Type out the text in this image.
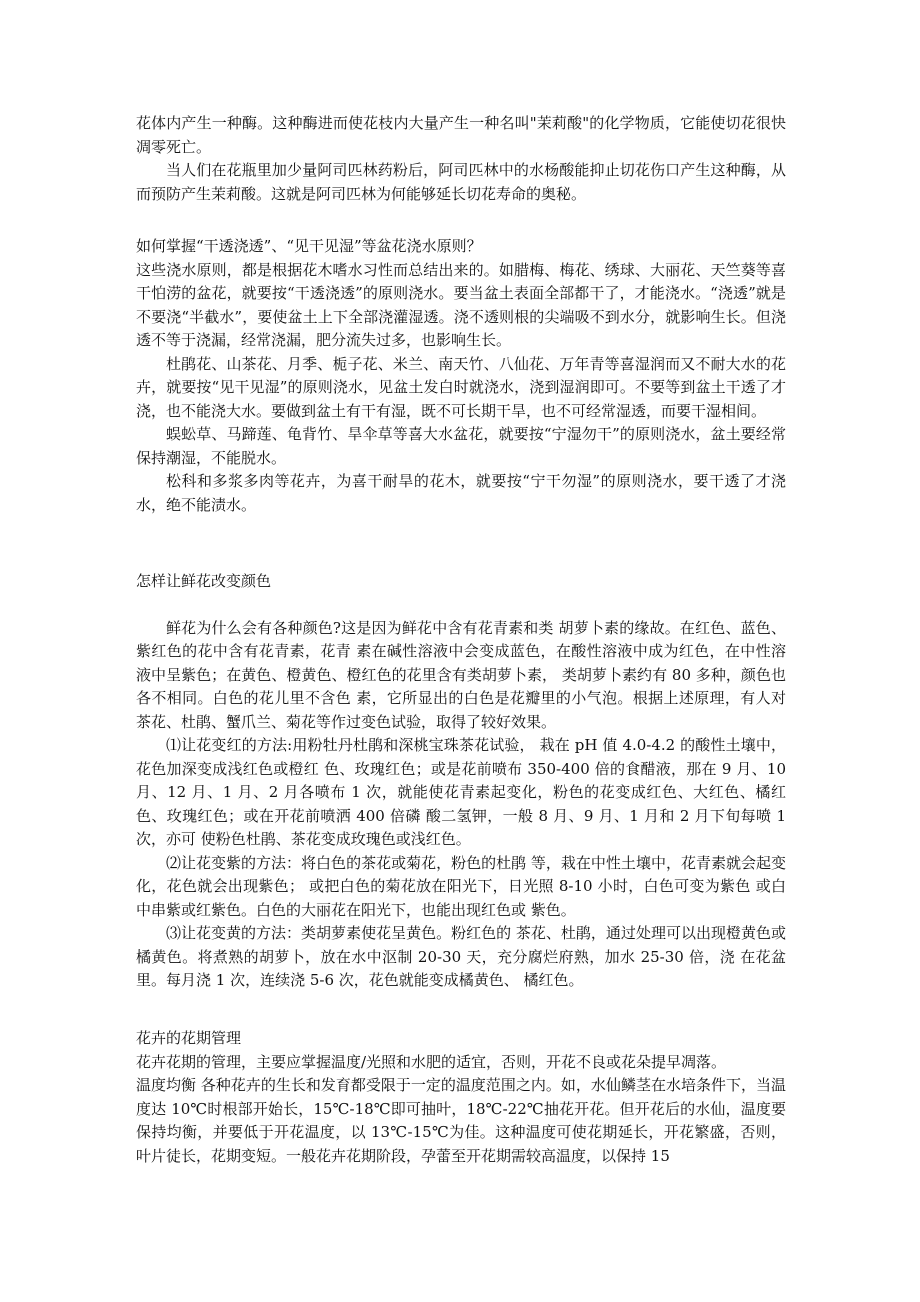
花体内产生一种酶。这种酶进而使花枝内大量产生一种名叫"茉莉酸"的化学物质，它能使切花很快凋零死亡。

当人们在花瓶里加少量阿司匹林药粉后，阿司匹林中的水杨酸能抑止切花伤口产生这种酶，从而预防产生茉莉酸。这就是阿司匹林为何能够延长切花寿命的奥秘。

如何掌握“干透浇透”、“见干见湿”等盆花浇水原则？

这些浇水原则，都是根据花木嗜水习性而总结出来的。如腊梅、梅花、绣球、大丽花、天竺葵等喜干怕涝的盆花，就要按“干透浇透”的原则浇水。要当盆土表面全部都干了，才能浇水。“浇透”就是不要浇“半截水”，要使盆土上下全部浇灌湿透。浇不透则根的尖端吸不到水分，就影响生长。但浇透不等于浇漏，经常浇漏，肥分流失过多，也影响生长。

杜鹃花、山茶花、月季、栀子花、米兰、南天竹、八仙花、万年青等喜湿润而又不耐大水的花卉，就要按“见干见湿”的原则浇水，见盆土发白时就浇水，浇到湿润即可。不要等到盆土干透了才浇，也不能浇大水。要做到盆土有干有湿，既不可长期干旱，也不可经常湿透，而要干湿相间。

蜈蚣草、马蹄莲、龟背竹、旱伞草等喜大水盆花，就要按“宁湿勿干”的原则浇水，盆土要经常保持潮湿，不能脱水。

松科和多浆多肉等花卉，为喜干耐旱的花木，就要按“宁干勿湿”的原则浇水，要干透了才浇水，绝不能渍水。

怎样让鲜花改变颜色

鲜花为什么会有各种颜色?这是因为鲜花中含有花青素和类 胡萝卜素的缘故。在红色、蓝色、紫红色的花中含有花青素，花青 素在碱性溶液中会变成蓝色，在酸性溶液中成为红色，在中性溶 液中呈紫色；在黄色、橙黄色、橙红色的花里含有类胡萝卜素， 类胡萝卜素约有 80 多种，颜色也各不相同。白色的花儿里不含色 素，它所显出的白色是花瓣里的小气泡。根据上述原理，有人对 茶花、杜鹃、蟹爪兰、菊花等作过变色试验，取得了较好效果。

⑴让花变红的方法:用粉牡丹杜鹃和深桃宝珠茶花试验， 栽在 pH 值 4.0-4.2 的酸性土壤中，花色加深变成浅红色或橙红 色、玫瑰红色；或是花前喷布 350-400 倍的食醋液，那在 9 月、10 月、12 月、1 月、2 月各喷布 1 次，就能使花青素起变化，粉色的花变成红色、大红色、橘红色、玫瑰红色；或在开花前喷洒 400 倍磷 酸二氢钾，一般 8 月、9 月、1 月和 2 月下旬每喷 1 次，亦可 使粉色杜鹃、茶花变成玫瑰色或浅红色。

⑵让花变紫的方法：将白色的茶花或菊花，粉色的杜鹃 等，栽在中性土壤中，花青素就会起变化，花色就会出现紫色； 或把白色的菊花放在阳光下，日光照 8-10 小时，白色可变为紫色 或白中串紫或红紫色。白色的大丽花在阳光下，也能出现红色或 紫色。

⑶让花变黄的方法：类胡萝素使花呈黄色。粉红色的 茶花、杜鹃，通过处理可以出现橙黄色或橘黄色。将煮熟的胡萝卜，放在水中沤制 20-30 天，充分腐烂府熟，加水 25-30 倍，浇 在花盆里。每月浇 1 次，连续浇 5-6 次，花色就能变成橘黄色、 橘红色。

花卉的花期管理

花卉花期的管理，主要应掌握温度/光照和水肥的适宜，否则，开花不良或花朵提早凋落。

温度均衡 各种花卉的生长和发育都受限于一定的温度范围之内。如，水仙鳞茎在水培条件下，当温度达 10℃时根部开始长，15℃-18℃即可抽叶，18℃-22℃抽花开花。但开花后的水仙，温度要保持均衡，并要低于开花温度，以 13℃-15℃为佳。这种温度可使花期延长，开花繁盛，否则，叶片徒长，花期变短。一般花卉花期阶段，孕蕾至开花期需较高温度，以保持 15
